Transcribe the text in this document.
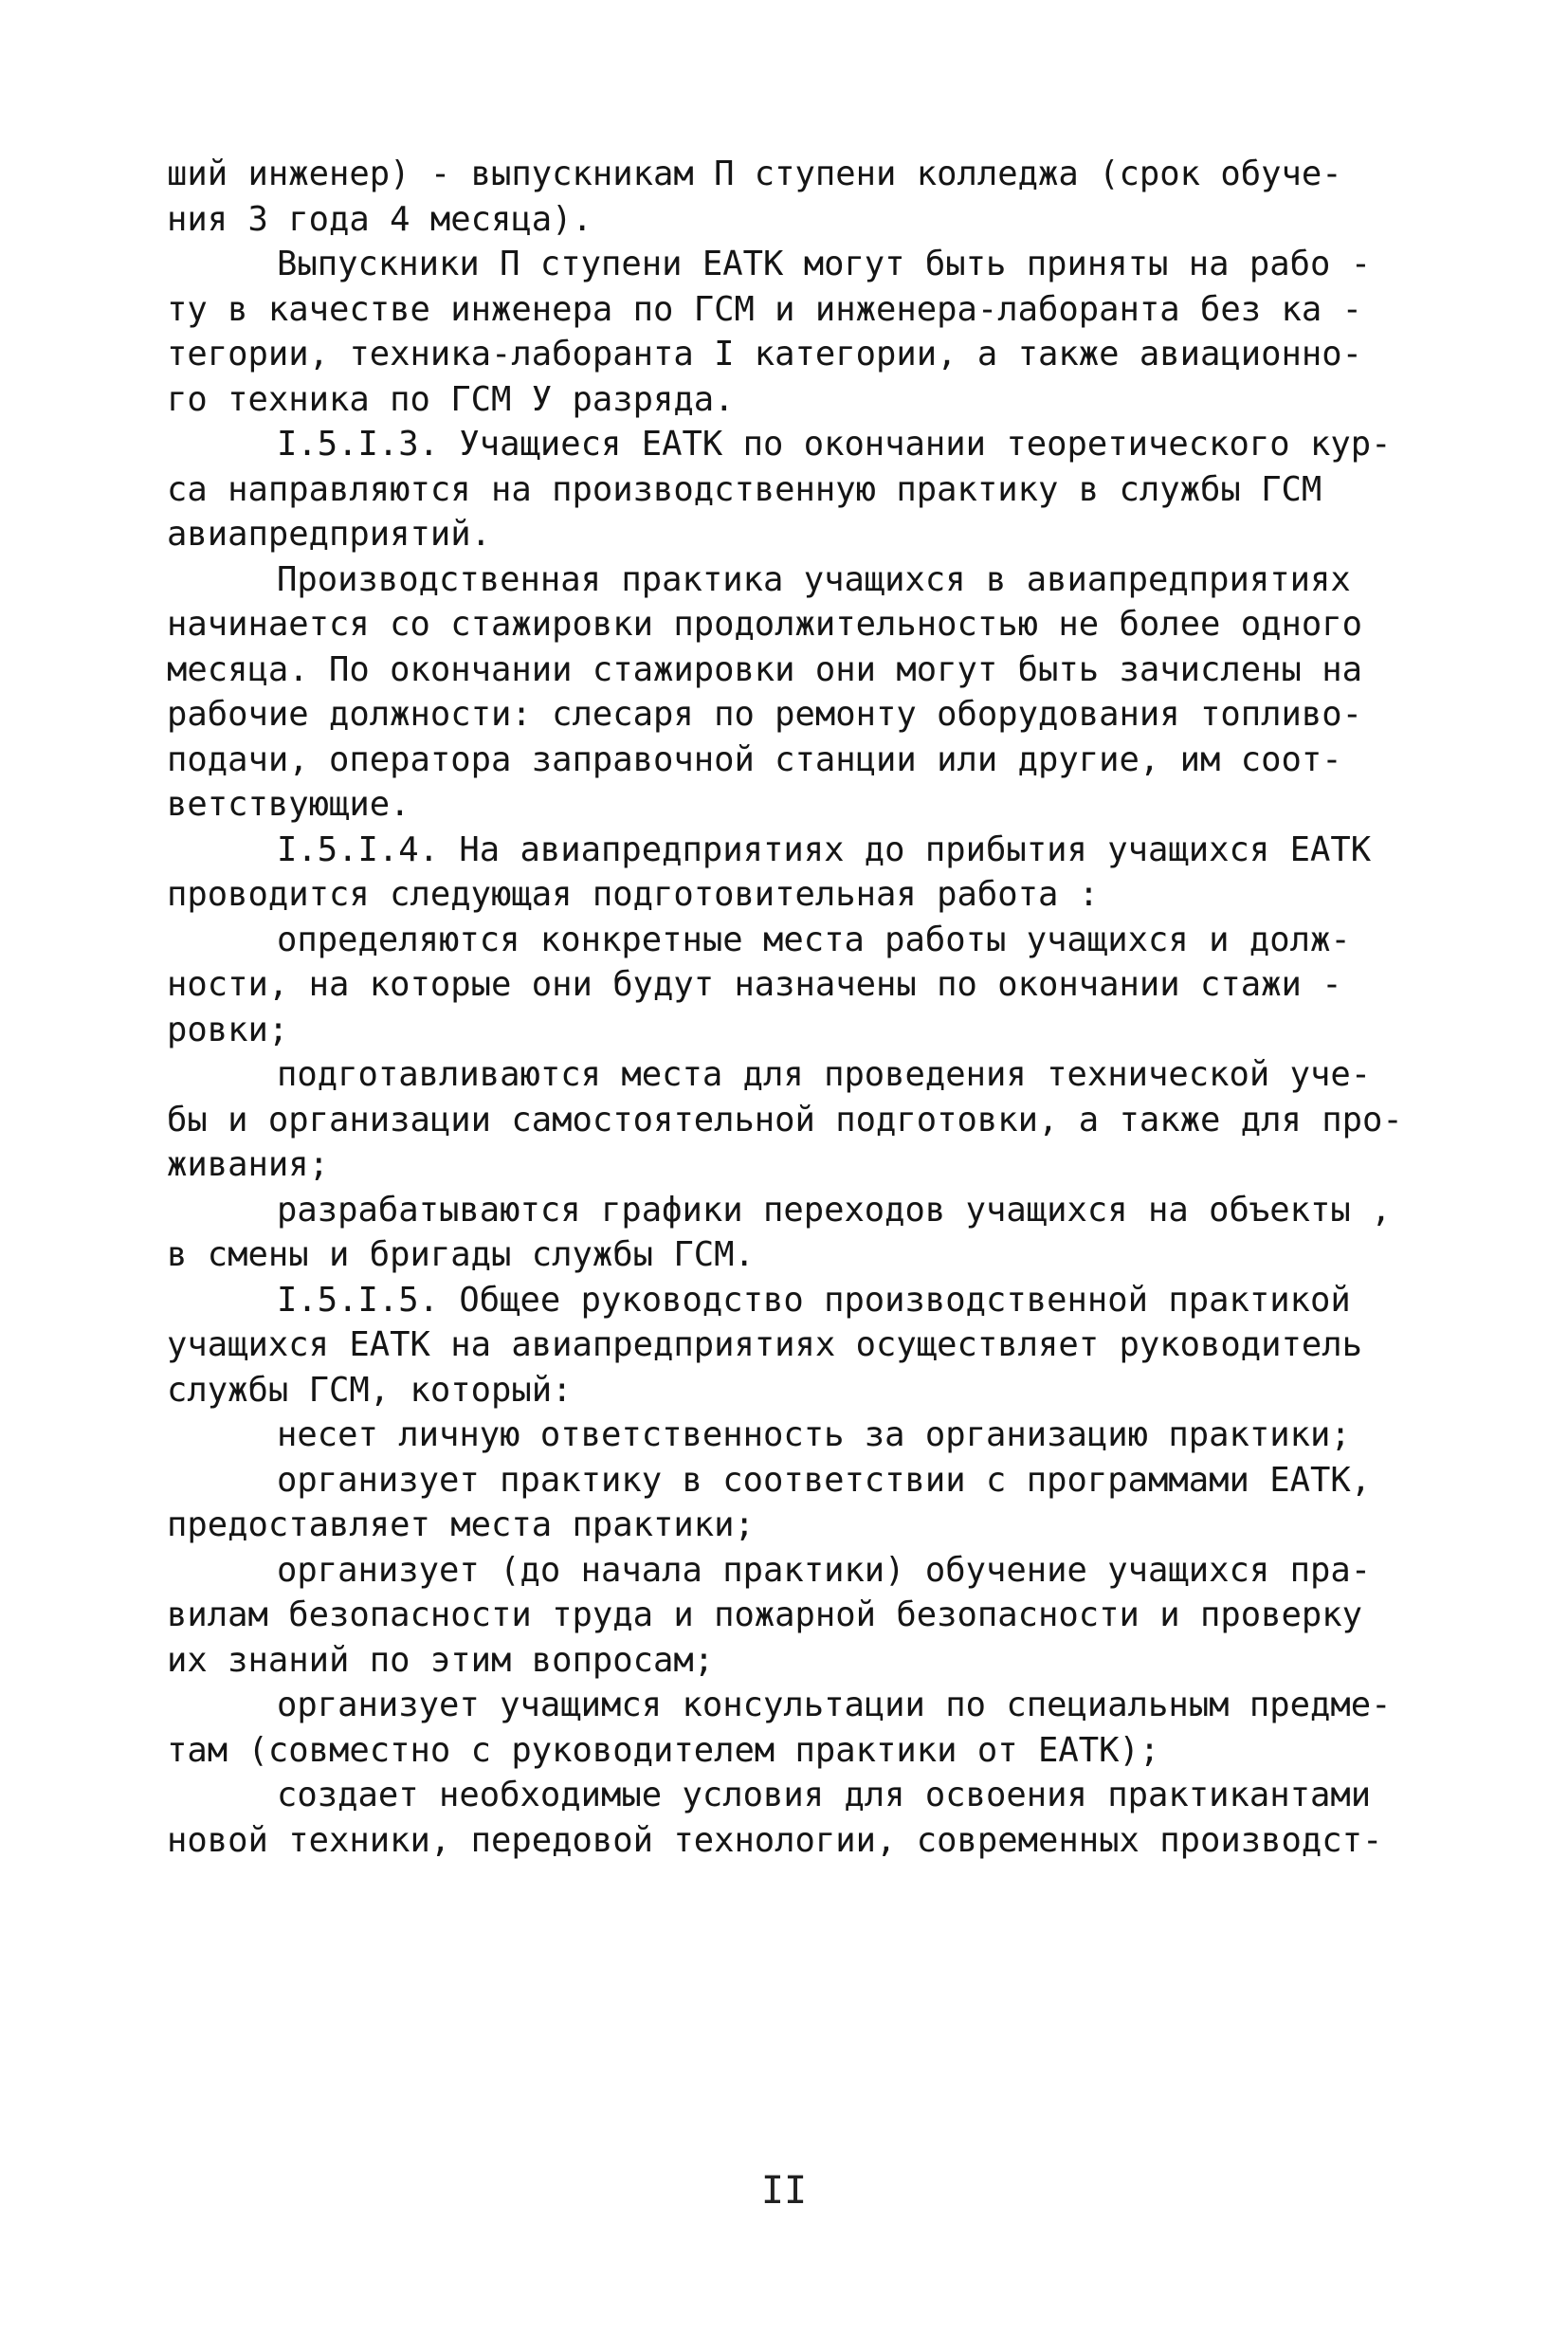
ший инженер) - выпускникам П ступени колледжа (срок обуче-
ния 3 года 4 месяца).
Выпускники П ступени ЕАТК могут быть приняты на рабо -
ту в качестве инженера по ГСМ и инженера-лаборанта без ка -
тегории, техника-лаборанта I категории, а также авиационно-
го техника по ГСМ У разряда.
I.5.I.3. Учащиеся ЕАТК по окончании теоретического кур-
са направляются на производственную практику в службы ГСМ
авиапредприятий.
Производственная практика учащихся в авиапредприятиях
начинается со стажировки продолжительностью не более одного
месяца. По окончании стажировки они могут быть зачислены на
рабочие должности: слесаря по ремонту оборудования топливо-
подачи, оператора заправочной станции или другие, им соот-
ветствующие.
I.5.I.4. На авиапредприятиях до прибытия учащихся ЕАТК
проводится следующая подготовительная работа :
определяются конкретные места работы учащихся и долж-
ности, на которые они будут назначены по окончании стажи -
ровки;
подготавливаются места для проведения технической уче-
бы и организации самостоятельной подготовки, а также для про-
живания;
разрабатываются графики переходов учащихся на объекты ,
в смены и бригады службы ГСМ.
I.5.I.5. Общее руководство производственной практикой
учащихся ЕАТК на авиапредприятиях осуществляет руководитель
службы ГСМ, который:
несет личную ответственность за организацию практики;
организует практику в соответствии с программами ЕАТК,
предоставляет места практики;
организует (до начала практики) обучение учащихся пра-
вилам безопасности труда и пожарной безопасности и проверку
их знаний по этим вопросам;
организует учащимся консультации по специальным предме-
там (совместно с руководителем практики от ЕАТК);
создает необходимые условия для освоения практикантами
новой техники, передовой технологии, современных производст-
II
